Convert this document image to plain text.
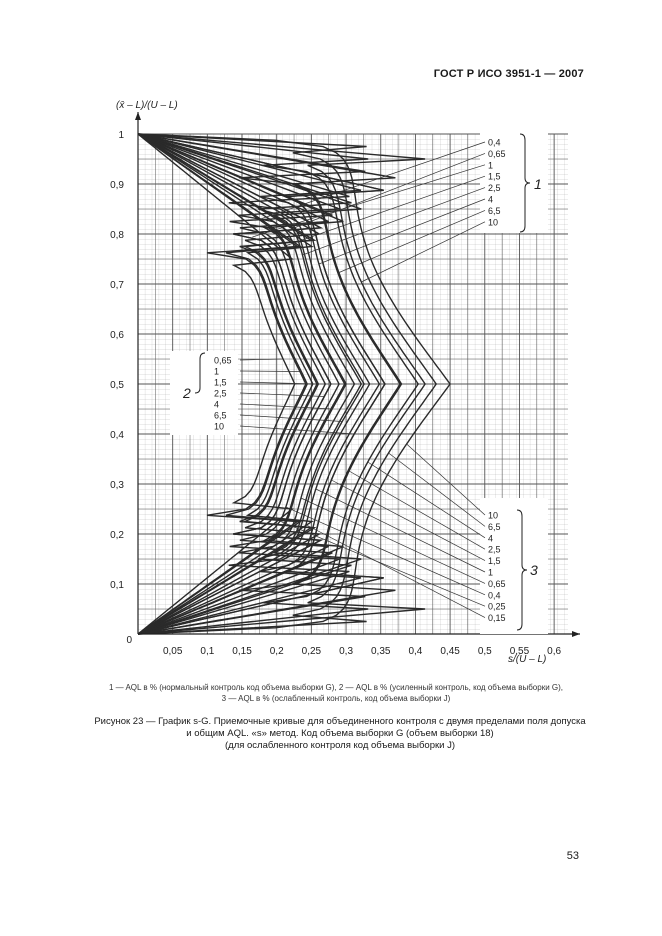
ГОСТ Р ИСО 3951-1 — 2007
0,05 0,1 0,15 0,2 0,25 0,3 0,35 0,4 0,45 0,5 0,55 0,6
0
0,1
0,2
0,3
0,4
0,5
0,6
0,7
0,8
0,9
1
(x̄ – L)/(U – L)
s/(U – L)
0,4
0,65
1
1,5
2,5
4
6,5
10
1
0,65
1
1,5
2,5
4
6,5
10
2
10
6,5
4
2,5
1,5
1
0,65
0,4
0,25
0,15
3
1 — AQL в % (нормальный контроль код объема выборки G), 2 — AQL в % (усиленный контроль, код объема выборки G),
3 — AQL в % (ослабленный контроль, код объема выборки J)
Рисунок 23 — График s-G. Приемочные кривые для объединенного контроля с двумя пределами поля допуска
и общим AQL. «s» метод. Код объема выборки G (объем выборки 18)
(для ослабленного контроля код объема выборки J)
53
